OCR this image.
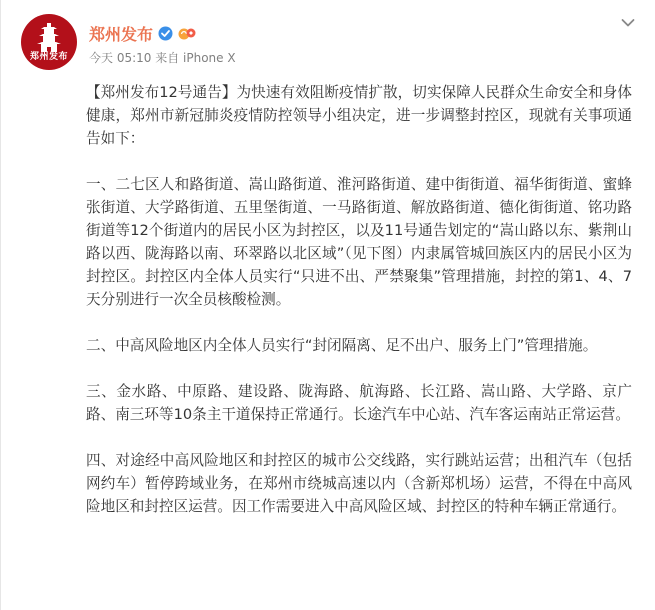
郑州发布
郑州发布
今天 05:10 来自 iPhone X

【郑州发布12号通告】为快速有效阻断疫情扩散，切实保障人民群众生命安全和身体健康，郑州市新冠肺炎疫情防控领导小组决定，进一步调整封控区，现就有关事项通告如下：

一、二七区人和路街道、嵩山路街道、淮河路街道、建中街街道、福华街街道、蜜蜂张街道、大学路街道、五里堡街道、一马路街道、解放路街道、德化街街道、铭功路街道等12个街道内的居民小区为封控区，以及11号通告划定的“嵩山路以东、紫荆山路以西、陇海路以南、环翠路以北区域”（见下图）内隶属管城回族区内的居民小区为封控区。封控区内全体人员实行“只进不出、严禁聚集”管理措施，封控的第1、4、7天分别进行一次全员核酸检测。

二、中高风险地区内全体人员实行“封闭隔离、足不出户、服务上门”管理措施。

三、金水路、中原路、建设路、陇海路、航海路、长江路、嵩山路、大学路、京广路、南三环等10条主干道保持正常通行。长途汽车中心站、汽车客运南站正常运营。

四、对途经中高风险地区和封控区的城市公交线路，实行跳站运营；出租汽车（包括网约车）暂停跨域业务，在郑州市绕城高速以内（含新郑机场）运营，不得在中高风险地区和封控区运营。因工作需要进入中高风险区域、封控区的特种车辆正常通行。
